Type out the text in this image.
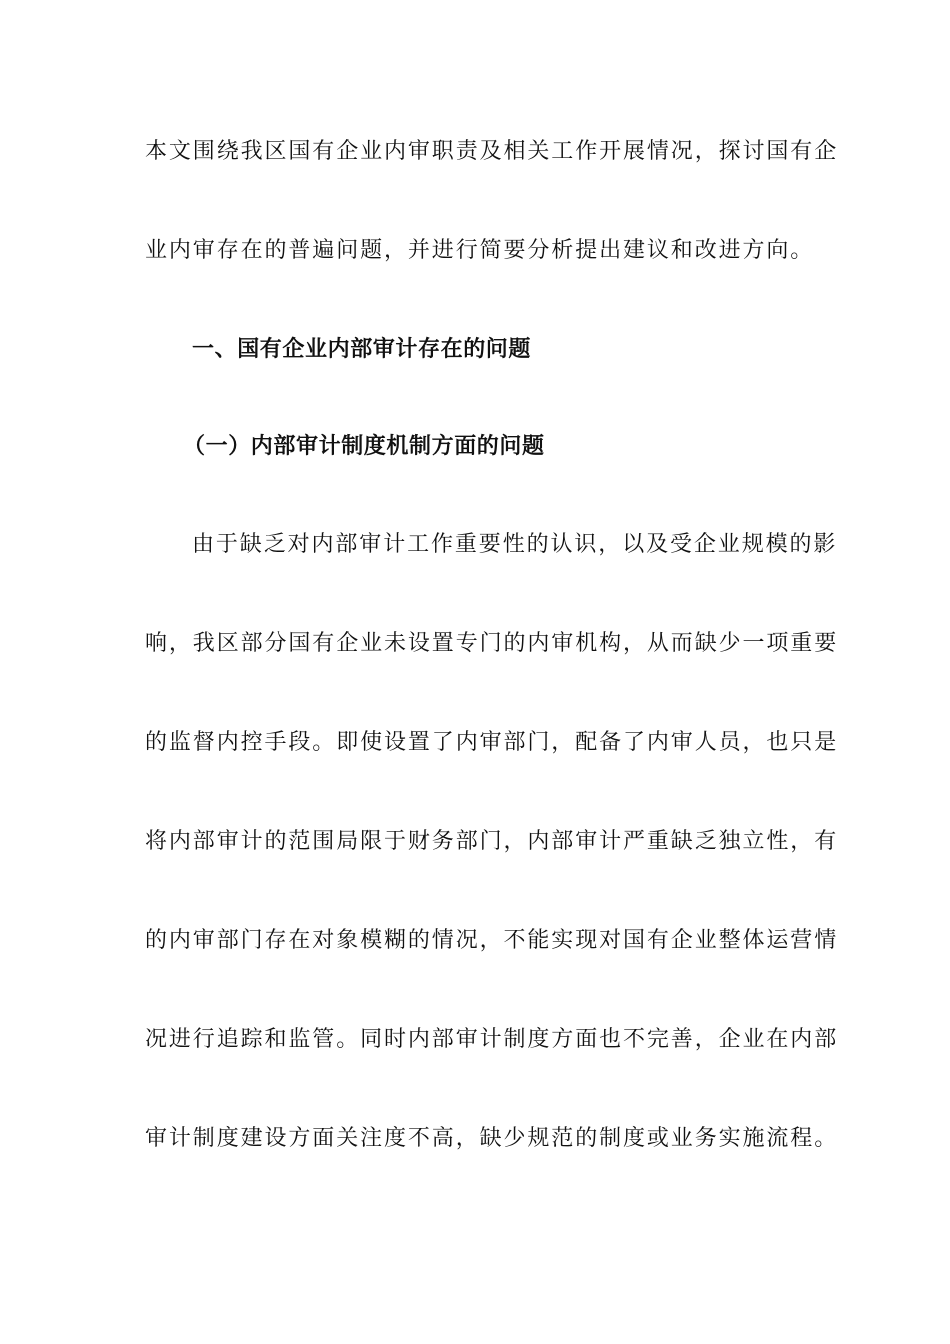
本文围绕我区国有企业内审职责及相关工作开展情况，探讨国有企
业内审存在的普遍问题，并进行简要分析提出建议和改进方向。
一、国有企业内部审计存在的问题
（一）内部审计制度机制方面的问题
由于缺乏对内部审计工作重要性的认识，以及受企业规模的影
响，我区部分国有企业未设置专门的内审机构，从而缺少一项重要
的监督内控手段。即使设置了内审部门，配备了内审人员，也只是
将内部审计的范围局限于财务部门，内部审计严重缺乏独立性，有
的内审部门存在对象模糊的情况，不能实现对国有企业整体运营情
况进行追踪和监管。同时内部审计制度方面也不完善，企业在内部
审计制度建设方面关注度不高，缺少规范的制度或业务实施流程。
